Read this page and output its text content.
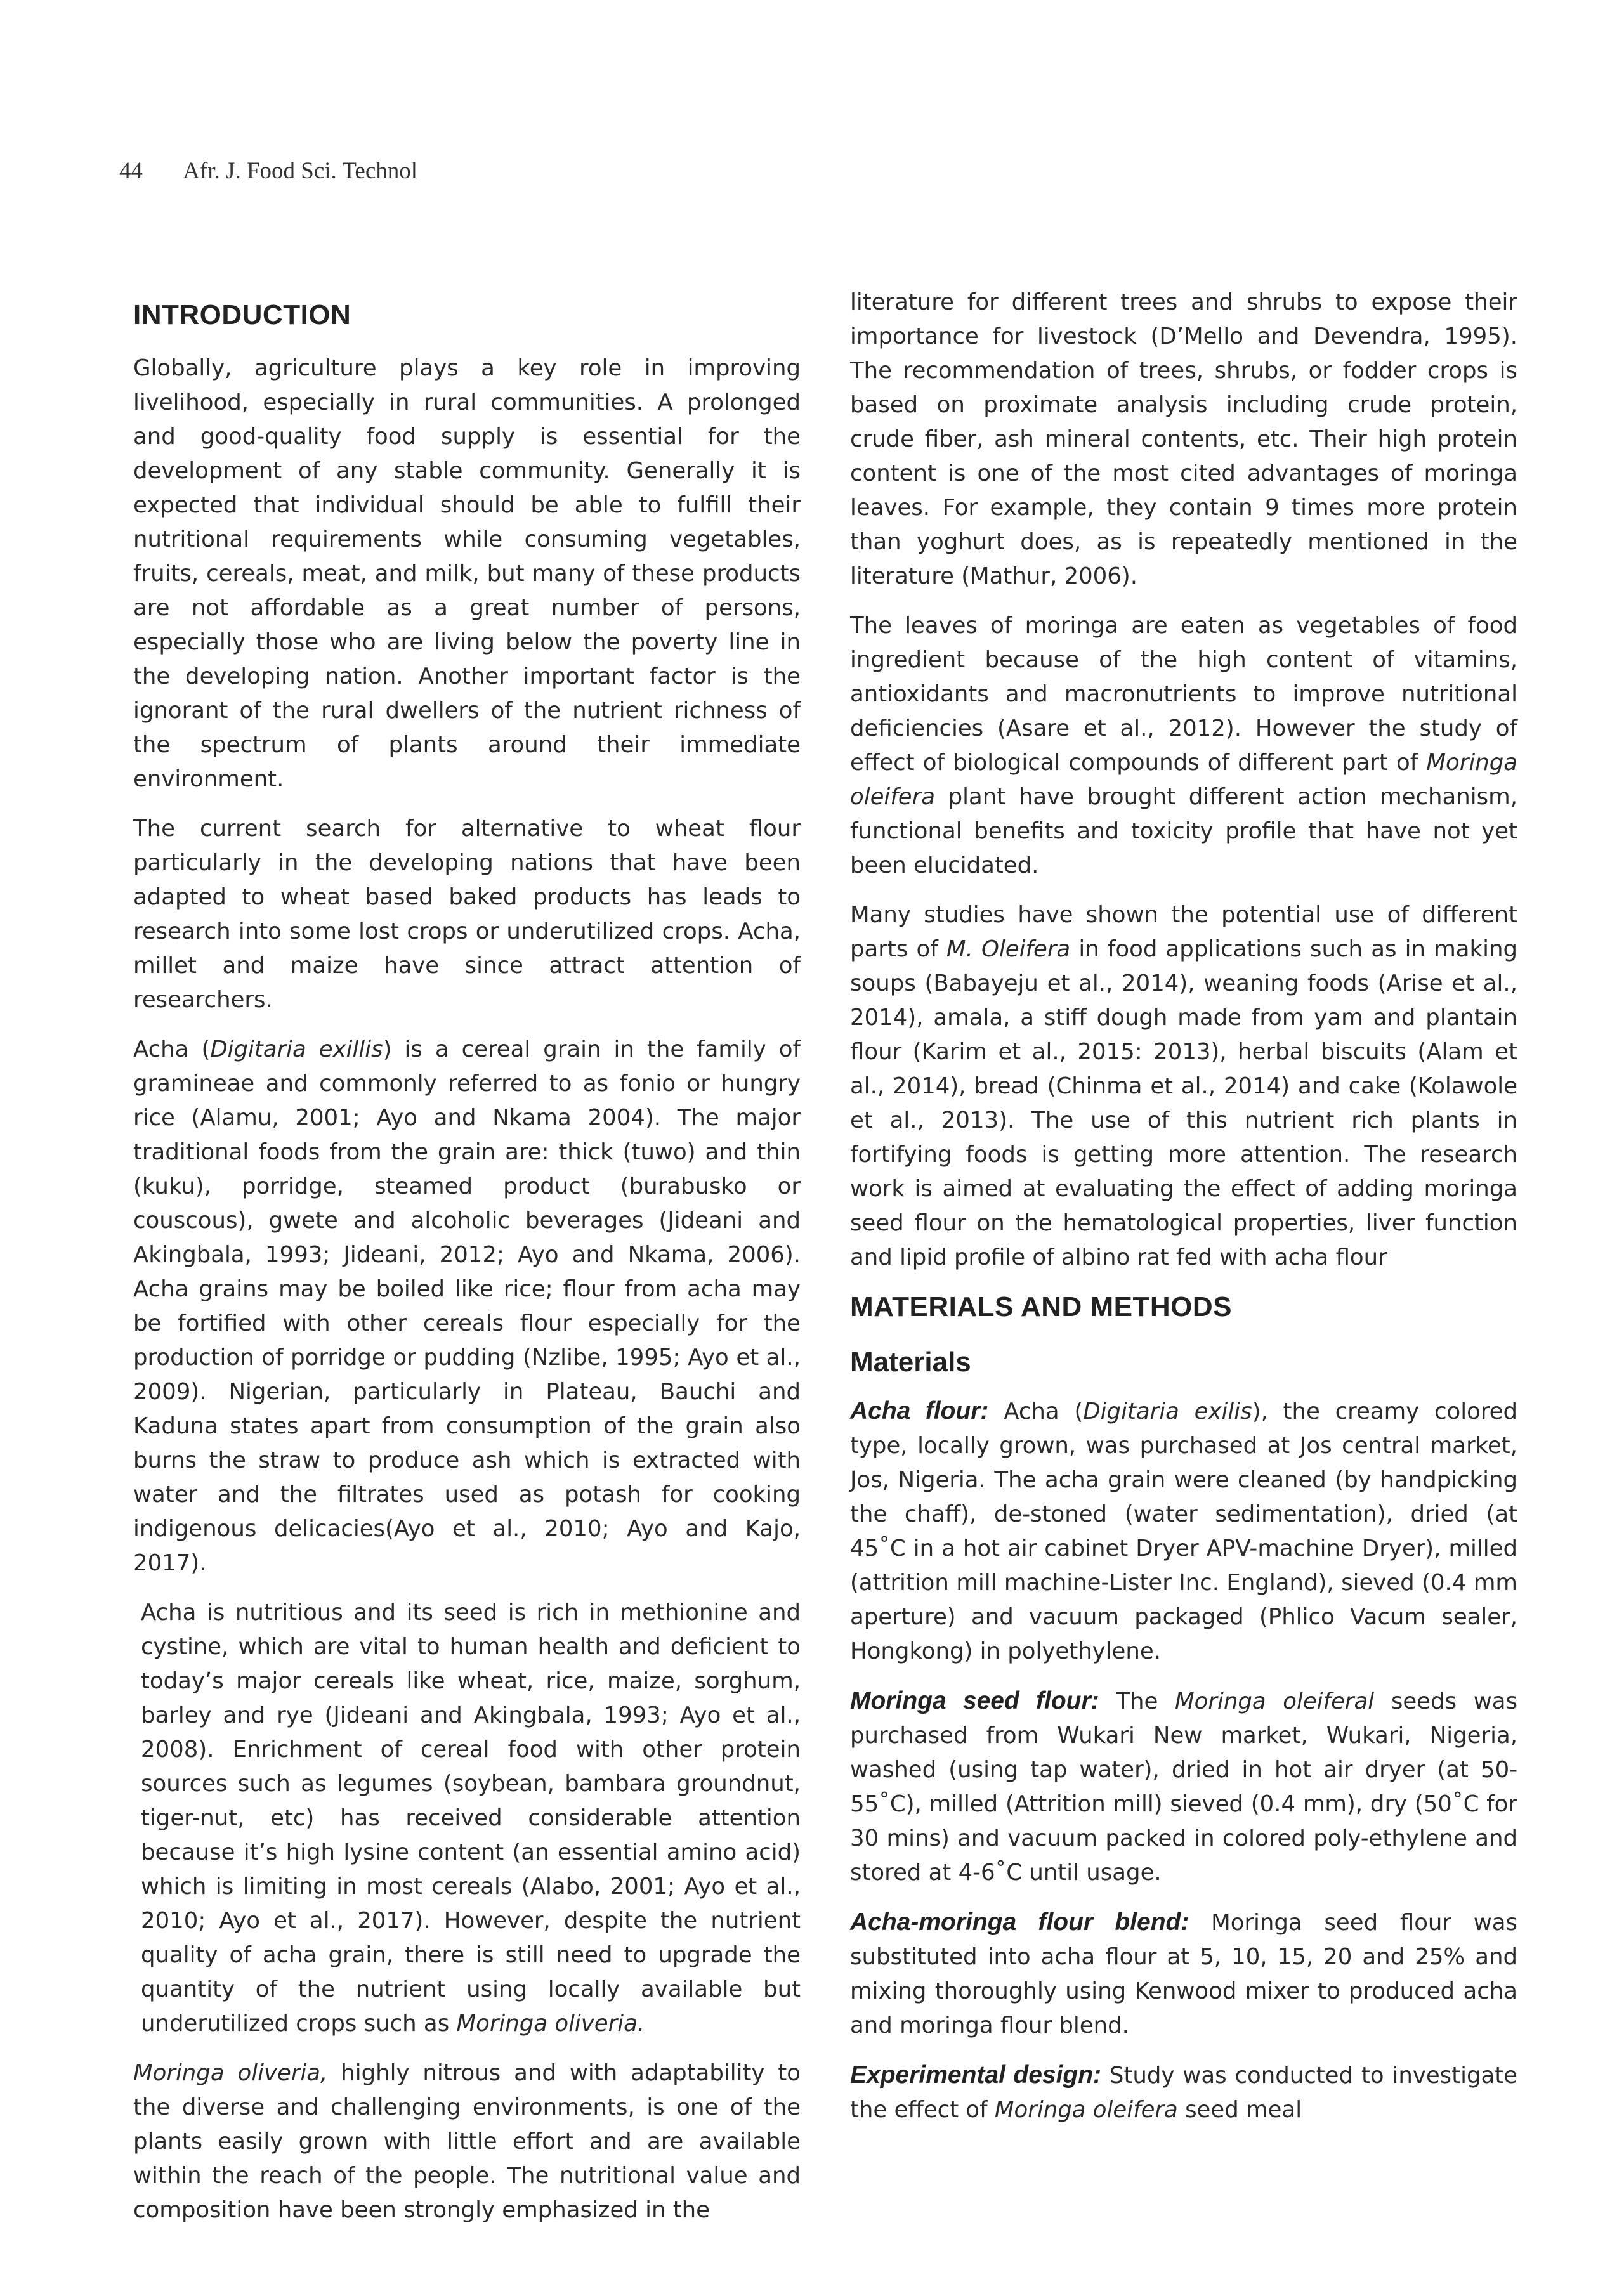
44 Afr. J. Food Sci. Technol
INTRODUCTION

Globally, agriculture plays a key role in improving livelihood, especially in rural communities. A prolonged and good-quality food supply is essential for the development of any stable community. Generally it is expected that individual should be able to fulfill their nutritional requirements while consuming vegetables, fruits, cereals, meat, and milk, but many of these products are not affordable as a great number of persons, especially those who are living below the poverty line in the developing nation. Another important factor is the ignorant of the rural dwellers of the nutrient richness of the spectrum of plants around their immediate environment.

The current search for alternative to wheat flour particularly in the developing nations that have been adapted to wheat based baked products has leads to research into some lost crops or underutilized crops. Acha, millet and maize have since attract attention of researchers.

Acha (Digitaria exillis) is a cereal grain in the family of gramineae and commonly referred to as fonio or hungry rice (Alamu, 2001; Ayo and Nkama 2004). The major traditional foods from the grain are: thick (tuwo) and thin (kuku), porridge, steamed product (burabusko or couscous), gwete and alcoholic beverages (Jideani and Akingbala, 1993; Jideani, 2012; Ayo and Nkama, 2006). Acha grains may be boiled like rice; flour from acha may be fortified with other cereals flour especially for the production of porridge or pudding (Nzlibe, 1995; Ayo et al., 2009). Nigerian, particularly in Plateau, Bauchi and Kaduna states apart from consumption of the grain also burns the straw to produce ash which is extracted with water and the filtrates used as potash for cooking indigenous delicacies(Ayo et al., 2010; Ayo and Kajo, 2017).

Acha is nutritious and its seed is rich in methionine and cystine, which are vital to human health and deficient to today’s major cereals like wheat, rice, maize, sorghum, barley and rye (Jideani and Akingbala, 1993; Ayo et al., 2008). Enrichment of cereal food with other protein sources such as legumes (soybean, bambara groundnut, tiger-nut, etc) has received considerable attention because it’s high lysine content (an essential amino acid) which is limiting in most cereals (Alabo, 2001; Ayo et al., 2010; Ayo et al., 2017). However, despite the nutrient quality of acha grain, there is still need to upgrade the quantity of the nutrient using locally available but underutilized crops such as Moringa oliveria.

Moringa oliveria, highly nitrous and with adaptability to the diverse and challenging environments, is one of the plants easily grown with little effort and are available within the reach of the people. The nutritional value and composition have been strongly emphasized in the

literature for different trees and shrubs to expose their importance for livestock (D’Mello and Devendra, 1995). The recommendation of trees, shrubs, or fodder crops is based on proximate analysis including crude protein, crude fiber, ash mineral contents, etc. Their high protein content is one of the most cited advantages of moringa leaves. For example, they contain 9 times more protein than yoghurt does, as is repeatedly mentioned in the literature (Mathur, 2006).

The leaves of moringa are eaten as vegetables of food ingredient because of the high content of vitamins, antioxidants and macronutrients to improve nutritional deficiencies (Asare et al., 2012). However the study of effect of biological compounds of different part of Moringa oleifera plant have brought different action mechanism, functional benefits and toxicity profile that have not yet been elucidated.

Many studies have shown the potential use of different parts of M. Oleifera in food applications such as in making soups (Babayeju et al., 2014), weaning foods (Arise et al., 2014), amala, a stiff dough made from yam and plantain flour (Karim et al., 2015: 2013), herbal biscuits (Alam et al., 2014), bread (Chinma et al., 2014) and cake (Kolawole et al., 2013). The use of this nutrient rich plants in fortifying foods is getting more attention. The research work is aimed at evaluating the effect of adding moringa seed flour on the hematological properties, liver function and lipid profile of albino rat fed with acha flour

MATERIALS AND METHODS
Materials

Acha flour: Acha (Digitaria exilis), the creamy colored type, locally grown, was purchased at Jos central market, Jos, Nigeria. The acha grain were cleaned (by handpicking the chaff), de-stoned (water sedimentation), dried (at 45˚C in a hot air cabinet Dryer APV-machine Dryer), milled (attrition mill machine-Lister Inc. England), sieved (0.4 mm aperture) and vacuum packaged (Phlico Vacum sealer, Hongkong) in polyethylene.

Moringa seed flour: The Moringa oleiferal seeds was purchased from Wukari New market, Wukari, Nigeria, washed (using tap water), dried in hot air dryer (at 50-55˚C), milled (Attrition mill) sieved (0.4 mm), dry (50˚C for 30 mins) and vacuum packed in colored poly-ethylene and stored at 4-6˚C until usage.

Acha-moringa flour blend: Moringa seed flour was substituted into acha flour at 5, 10, 15, 20 and 25% and mixing thoroughly using Kenwood mixer to produced acha and moringa flour blend.

Experimental design: Study was conducted to investigate the effect of Moringa oleifera seed meal
